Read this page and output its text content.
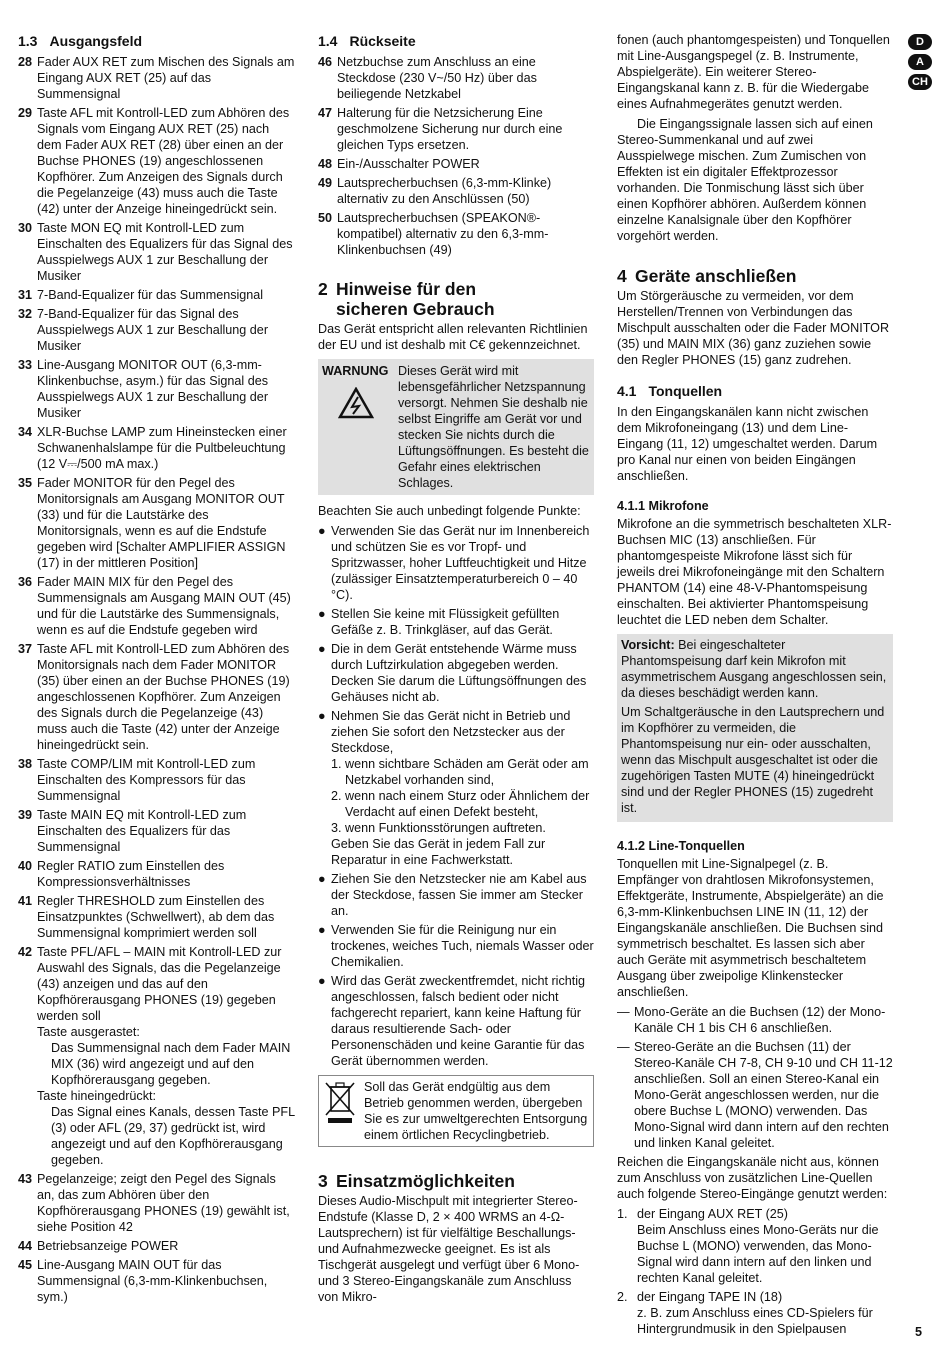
1.3 Ausgangsfeld
28 Fader AUX RET zum Mischen des Signals am Eingang AUX RET (25) auf das Summensignal
29 Taste AFL mit Kontroll-LED zum Abhören des Signals vom Eingang AUX RET (25) nach dem Fader AUX RET (28) über einen an der Buchse PHONES (19) angeschlossenen Kopfhörer. Zum Anzeigen des Signals durch die Pegelanzeige (43) muss auch die Taste (42) unter der Anzeige hineingedrückt sein.
30 Taste MON EQ mit Kontroll-LED zum Einschalten des Equalizers für das Signal des Ausspielwegs AUX 1 zur Beschallung der Musiker
31 7-Band-Equalizer für das Summensignal
32 7-Band-Equalizer für das Signal des Ausspielwegs AUX 1 zur Beschallung der Musiker
33 Line-Ausgang MONITOR OUT (6,3-mm-Klinkenbuchse, asym.) für das Signal des Ausspielwegs AUX 1 zur Beschallung der Musiker
34 XLR-Buchse LAMP zum Hineinstecken einer Schwanenhalslampe für die Pultbeleuchtung (12 V⎓/500 mA max.)
35 Fader MONITOR für den Pegel des Monitorsignals am Ausgang MONITOR OUT (33) und für die Lautstärke des Monitorsignals, wenn es auf die Endstufe gegeben wird [Schalter AMPLIFIER ASSIGN (17) in der mittleren Position]
36 Fader MAIN MIX für den Pegel des Summensignals am Ausgang MAIN OUT (45) und für die Lautstärke des Summensignals, wenn es auf die Endstufe gegeben wird
37 Taste AFL mit Kontroll-LED zum Abhören des Monitorsignals nach dem Fader MONITOR (35) über einen an der Buchse PHONES (19) angeschlossenen Kopfhörer. Zum Anzeigen des Signals durch die Pegelanzeige (43) muss auch die Taste (42) unter der Anzeige hineingedrückt sein.
38 Taste COMP/LIM mit Kontroll-LED zum Einschalten des Kompressors für das Summensignal
39 Taste MAIN EQ mit Kontroll-LED zum Einschalten des Equalizers für das Summensignal
40 Regler RATIO zum Einstellen des Kompressionsverhältnisses
41 Regler THRESHOLD zum Einstellen des Einsatzpunktes (Schwellwert), ab dem das Summensignal komprimiert werden soll
42 Taste PFL/AFL – MAIN mit Kontroll-LED zur Auswahl des Signals, das die Pegelanzeige (43) anzeigen und das auf den Kopfhörerausgang PHONES (19) gegeben werden soll
Taste ausgerastet:
Das Summensignal nach dem Fader MAIN MIX (36) wird angezeigt und auf den Kopfhörerausgang gegeben.
Taste hineingedrückt:
Das Signal eines Kanals, dessen Taste PFL (3) oder AFL (29, 37) gedrückt ist, wird angezeigt und auf den Kopfhörerausgang gegeben.
43 Pegelanzeige; zeigt den Pegel des Signals an, das zum Abhören über den Kopfhörerausgang PHONES (19) gewählt ist, siehe Position 42
44 Betriebsanzeige POWER
45 Line-Ausgang MAIN OUT für das Summensignal (6,3-mm-Klinkenbuchsen, sym.)
1.4 Rückseite
46 Netzbuchse zum Anschluss an eine Steckdose (230 V~/50 Hz) über das beiliegende Netzkabel
47 Halterung für die Netzsicherung Eine geschmolzene Sicherung nur durch eine gleichen Typs ersetzen.
48 Ein-/Ausschalter POWER
49 Lautsprecherbuchsen (6,3-mm-Klinke) alternativ zu den Anschlüssen (50)
50 Lautsprecherbuchsen (SPEAKON®-kompatibel) alternativ zu den 6,3-mm-Klinkenbuchsen (49)
2 Hinweise für den
sicheren Gebrauch

Das Gerät entspricht allen relevanten Richtlinien der EU und ist deshalb mit C€ gekennzeichnet.

WARNUNG Dieses Gerät wird mit lebensgefährlicher Netzspannung versorgt. Nehmen Sie deshalb nie selbst Eingriffe am Gerät vor und stecken Sie nichts durch die Lüftungsöffnungen. Es besteht die Gefahr eines elektrischen Schlages.

Beachten Sie auch unbedingt folgende Punkte:

● Verwenden Sie das Gerät nur im Innenbereich und schützen Sie es vor Tropf- und Spritzwasser, hoher Luftfeuchtigkeit und Hitze (zulässiger Einsatztemperaturbereich 0 – 40 °C).
● Stellen Sie keine mit Flüssigkeit gefüllten Gefäße z. B. Trinkgläser, auf das Gerät.
● Die in dem Gerät entstehende Wärme muss durch Luftzirkulation abgegeben werden. Decken Sie darum die Lüftungsöffnungen des Gehäuses nicht ab.
● Nehmen Sie das Gerät nicht in Betrieb und ziehen Sie sofort den Netzstecker aus der Steckdose,
1. wenn sichtbare Schäden am Gerät oder am Netzkabel vorhanden sind,
2. wenn nach einem Sturz oder Ähnlichem der Verdacht auf einen Defekt besteht,
3. wenn Funktionsstörungen auftreten.
Geben Sie das Gerät in jedem Fall zur Reparatur in eine Fachwerkstatt.
● Ziehen Sie den Netzstecker nie am Kabel aus der Steckdose, fassen Sie immer am Stecker an.
● Verwenden Sie für die Reinigung nur ein trockenes, weiches Tuch, niemals Wasser oder Chemikalien.
● Wird das Gerät zweckentfremdet, nicht richtig angeschlossen, falsch bedient oder nicht fachgerecht repariert, kann keine Haftung für daraus resultierende Sach- oder Personenschäden und keine Garantie für das Gerät übernommen werden.
Soll das Gerät endgültig aus dem Betrieb genommen werden, übergeben Sie es zur umweltgerechten Entsorgung einem örtlichen Recyclingbetrieb.
3 Einsatzmöglichkeiten

Dieses Audio-Mischpult mit integrierter Stereo-Endstufe (Klasse D, 2 × 400 WRMS an 4-Ω-Lautsprechern) ist für vielfältige Beschallungs- und Aufnahmezwecke geeignet. Es ist als Tischgerät ausgelegt und verfügt über 6 Mono- und 3 Stereo-Eingangskanäle zum Anschluss von Mikro-

fonen (auch phantomgespeisten) und Tonquellen mit Line-Ausgangspegel (z. B. Instrumente, Abspielgeräte). Ein weiterer Stereo-Eingangskanal kann z. B. für die Wiedergabe eines Aufnahmegerätes genutzt werden.

Die Eingangssignale lassen sich auf einen Stereo-Summenkanal und auf zwei Ausspielwege mischen. Zum Zumischen von Effekten ist ein digitaler Effektprozessor vorhanden. Die Tonmischung lässt sich über einen Kopfhörer abhören. Außerdem können einzelne Kanalsignale über den Kopfhörer vorgehört werden.

4 Geräte anschließen

Um Störgeräusche zu vermeiden, vor dem Herstellen/Trennen von Verbindungen das Mischpult ausschalten oder die Fader MONITOR (35) und MAIN MIX (36) ganz zuziehen sowie den Regler PHONES (15) ganz zudrehen.

4.1 Tonquellen

In den Eingangskanälen kann nicht zwischen dem Mikrofoneingang (13) und dem Line-Eingang (11, 12) umgeschaltet werden. Darum pro Kanal nur einen von beiden Eingängen anschließen.

4.1.1 Mikrofone

Mikrofone an die symmetrisch beschalteten XLR-Buchsen MIC (13) anschließen. Für phantomgespeiste Mikrofone lässt sich für jeweils drei Mikrofoneingänge mit den Schaltern PHANTOM (14) eine 48-V-Phantomspeisung einschalten. Bei aktivierter Phantomspeisung leuchtet die LED neben dem Schalter.

Vorsicht: Bei eingeschalteter Phantomspeisung darf kein Mikrofon mit asymmetrischem Ausgang angeschlossen sein, da dieses beschädigt werden kann.

Um Schaltgeräusche in den Lautsprechern und im Kopfhörer zu vermeiden, die Phantomspeisung nur ein- oder ausschalten, wenn das Mischpult ausgeschaltet ist oder die zugehörigen Tasten MUTE (4) hineingedrückt sind und der Regler PHONES (15) zugedreht ist.

4.1.2 Line-Tonquellen

Tonquellen mit Line-Signalpegel (z. B. Empfänger von drahtlosen Mikrofonsystemen, Effektgeräte, Instrumente, Abspielgeräte) an die 6,3-mm-Klinkenbuchsen LINE IN (11, 12) der Eingangskanäle anschließen. Die Buchsen sind symmetrisch beschaltet. Es lassen sich aber auch Geräte mit asymmetrisch beschaltetem Ausgang über zweipolige Klinkenstecker anschließen.

— Mono-Geräte an die Buchsen (12) der Mono-Kanäle CH 1 bis CH 6 anschließen.
— Stereo-Geräte an die Buchsen (11) der Stereo-Kanäle CH 7-8, CH 9-10 und CH 11-12 anschließen. Soll an einen Stereo-Kanal ein Mono-Gerät angeschlossen werden, nur die obere Buchse L (MONO) verwenden. Das Mono-Signal wird dann intern auf den rechten und linken Kanal geleitet.

Reichen die Eingangskanäle nicht aus, können zum Anschluss von zusätzlichen Line-Quellen auch folgende Stereo-Eingänge genutzt werden:

1. der Eingang AUX RET (25)
Beim Anschluss eines Mono-Geräts nur die Buchse L (MONO) verwenden, das Mono-Signal wird dann intern auf den linken und rechten Kanal geleitet.
2. der Eingang TAPE IN (18)
z. B. zum Anschluss eines CD-Spielers für Hintergrundmusik in den Spielpausen
D
A
CH
5
